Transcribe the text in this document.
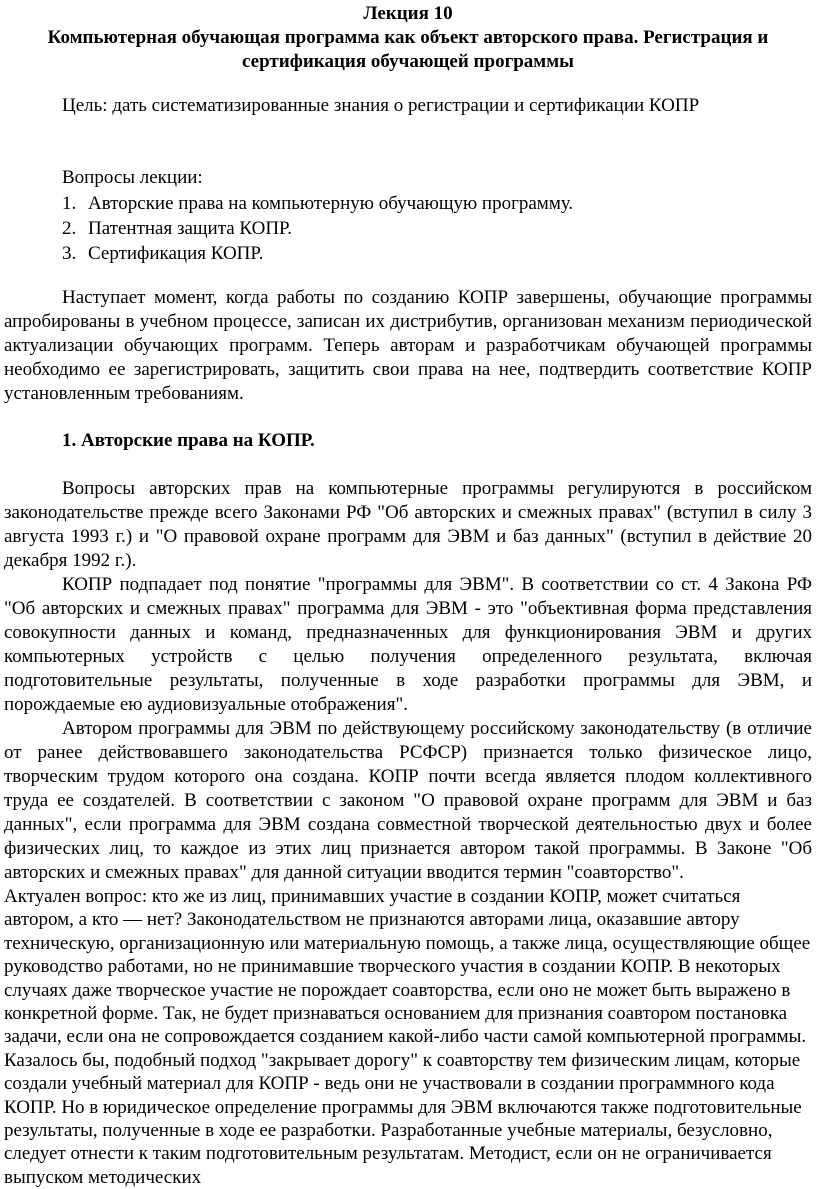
Лекция 10

Компьютерная обучающая программа как объект авторского права. Регистрация и

сертификация обучающей программы

Цель: дать систематизированные знания о регистрации и сертификации КОПР

Вопросы лекции:

1. Авторские права на компьютерную обучающую программу.
2. Патентная защита КОПР.
3. Сертификация КОПР.

Наступает момент, когда работы по созданию КОПР завершены, обучающие программы апробированы в учебном процессе, записан их дистрибутив, организован механизм периодической актуализации обучающих программ. Теперь авторам и разработчикам обучающей программы необходимо ее зарегистрировать, защитить свои права на нее, подтвердить соответствие КОПР установленным требованиям.

1. Авторские права на КОПР.

Вопросы авторских прав на компьютерные программы регулируются в российском законодательстве прежде всего Законами РФ "Об авторских и смежных правах" (вступил в силу 3 августа 1993 г.) и "О правовой охране программ для ЭВМ и баз данных" (вступил в действие 20 декабря 1992 г.).

КОПР подпадает под понятие "программы для ЭВМ". В соответствии со ст. 4 Закона РФ "Об авторских и смежных правах" программа для ЭВМ - это "объективная форма представления совокупности данных и команд, предназначенных для функционирования ЭВМ и других компьютерных устройств с целью получения определенного результата, включая подготовительные результаты, полученные в ходе разработки программы для ЭВМ, и порождаемые ею аудиовизуальные отображения".

Автором программы для ЭВМ по действующему российскому законодательству (в отличие от ранее действовавшего законодательства РСФСР) признается только физическое лицо, творческим трудом которого она создана. КОПР почти всегда является плодом коллективного труда ее создателей. В соответствии с законом "О правовой охране программ для ЭВМ и баз данных", если программа для ЭВМ создана совместной творческой деятельностью двух и более физических лиц, то каждое из этих лиц признается автором такой программы. В Законе "Об авторских и смежных правах" для данной ситуации вводится термин "соавторство".

Актуален вопрос: кто же из лиц, принимавших участие в создании КОПР, может считаться автором, а кто — нет? Законодательством не признаются авторами лица, оказавшие автору техническую, организационную или материальную помощь, а также лица, осуществляющие общее руководство работами, но не принимавшие творческого участия в создании КОПР. В некоторых случаях даже творческое участие не порождает соавторства, если оно не может быть выражено в конкретной форме. Так, не будет признаваться основанием для признания соавтором постановка задачи, если она не сопровождается созданием какой-либо части самой компьютерной программы. Казалось бы, подобный подход "закрывает дорогу" к соавторству тем физическим лицам, которые создали учебный материал для КОПР - ведь они не участвовали в создании программного кода КОПР. Но в юридическое определение программы для ЭВМ включаются также подготовительные результаты, полученные в ходе ее разработки. Разработанные учебные материалы, безусловно, следует отнести к таким подготовительным результатам. Методист, если он не ограничивается выпуском методических
